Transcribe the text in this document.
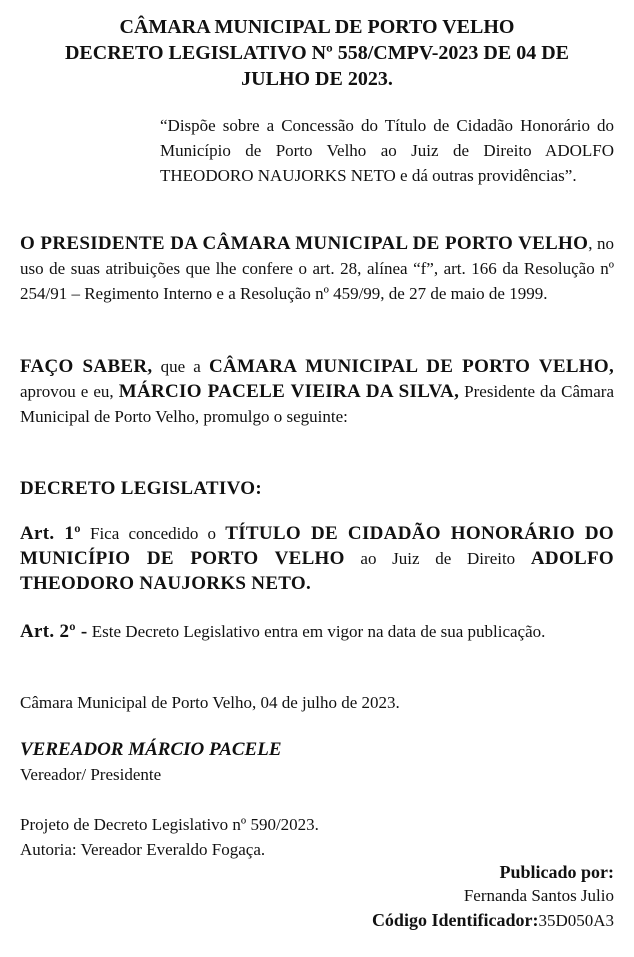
CÂMARA MUNICIPAL DE PORTO VELHO
DECRETO LEGISLATIVO Nº 558/CMPV-2023 DE 04 DE
JULHO DE 2023.
“Dispõe sobre a Concessão do Título de Cidadão Honorário do Município de Porto Velho ao Juiz de Direito ADOLFO THEODORO NAUJORKS NETO e dá outras providências”.
O PRESIDENTE DA CÂMARA MUNICIPAL DE PORTO VELHO, no uso de suas atribuições que lhe confere o art. 28, alínea “f”, art. 166 da Resolução nº 254/91 – Regimento Interno e a Resolução nº 459/99, de 27 de maio de 1999.
FAÇO SABER, que a CÂMARA MUNICIPAL DE PORTO VELHO, aprovou e eu, MÁRCIO PACELE VIEIRA DA SILVA, Presidente da Câmara Municipal de Porto Velho, promulgo o seguinte:
DECRETO LEGISLATIVO:
Art. 1º Fica concedido o TÍTULO DE CIDADÃO HONORÁRIO DO MUNICÍPIO DE PORTO VELHO ao Juiz de Direito ADOLFO THEODORO NAUJORKS NETO.
Art. 2º - Este Decreto Legislativo entra em vigor na data de sua publicação.
Câmara Municipal de Porto Velho, 04 de julho de 2023.
VEREADOR MÁRCIO PACELE
Vereador/ Presidente
Projeto de Decreto Legislativo nº 590/2023.
Autoria: Vereador Everaldo Fogaça.
Publicado por:
Fernanda Santos Julio
Código Identificador:35D050A3
